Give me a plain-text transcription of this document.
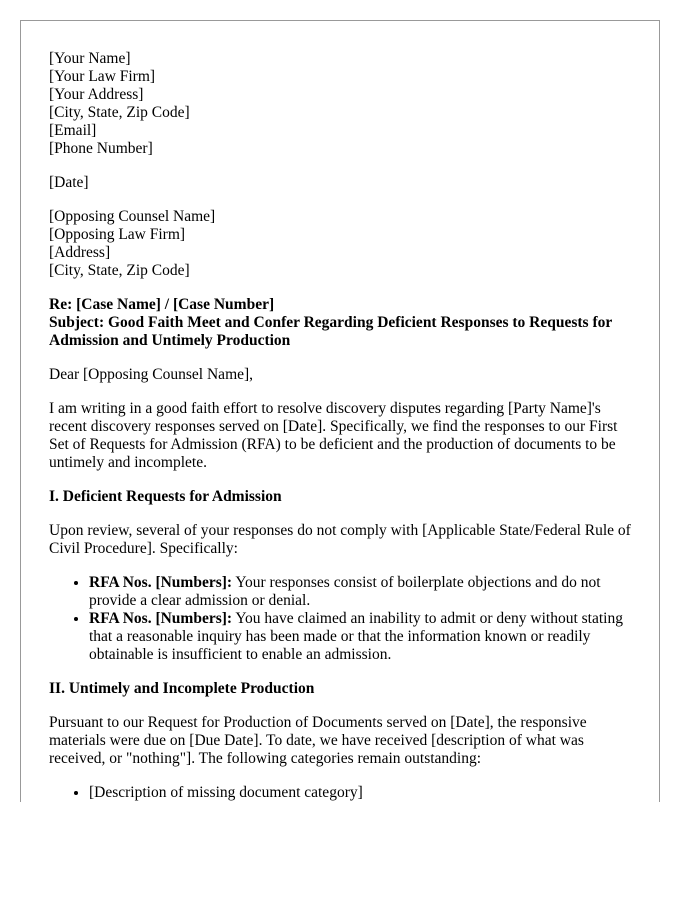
[Your Name]
[Your Law Firm]
[Your Address]
[City, State, Zip Code]
[Email]
[Phone Number]
[Date]
[Opposing Counsel Name]
[Opposing Law Firm]
[Address]
[City, State, Zip Code]
Re: [Case Name] / [Case Number]
Subject: Good Faith Meet and Confer Regarding Deficient Responses to Requests for Admission and Untimely Production

Dear [Opposing Counsel Name],

I am writing in a good faith effort to resolve discovery disputes regarding [Party Name]'s recent discovery responses served on [Date]. Specifically, we find the responses to our First Set of Requests for Admission (RFA) to be deficient and the production of documents to be untimely and incomplete.

I. Deficient Requests for Admission

Upon review, several of your responses do not comply with [Applicable State/Federal Rule of Civil Procedure]. Specifically:

• RFA Nos. [Numbers]: Your responses consist of boilerplate objections and do not provide a clear admission or denial.
• RFA Nos. [Numbers]: You have claimed an inability to admit or deny without stating that a reasonable inquiry has been made or that the information known or readily obtainable is insufficient to enable an admission.
II. Untimely and Incomplete Production

Pursuant to our Request for Production of Documents served on [Date], the responsive materials were due on [Due Date]. To date, we have received [description of what was received, or "nothing"]. The following categories remain outstanding:

• [Description of missing document category]
